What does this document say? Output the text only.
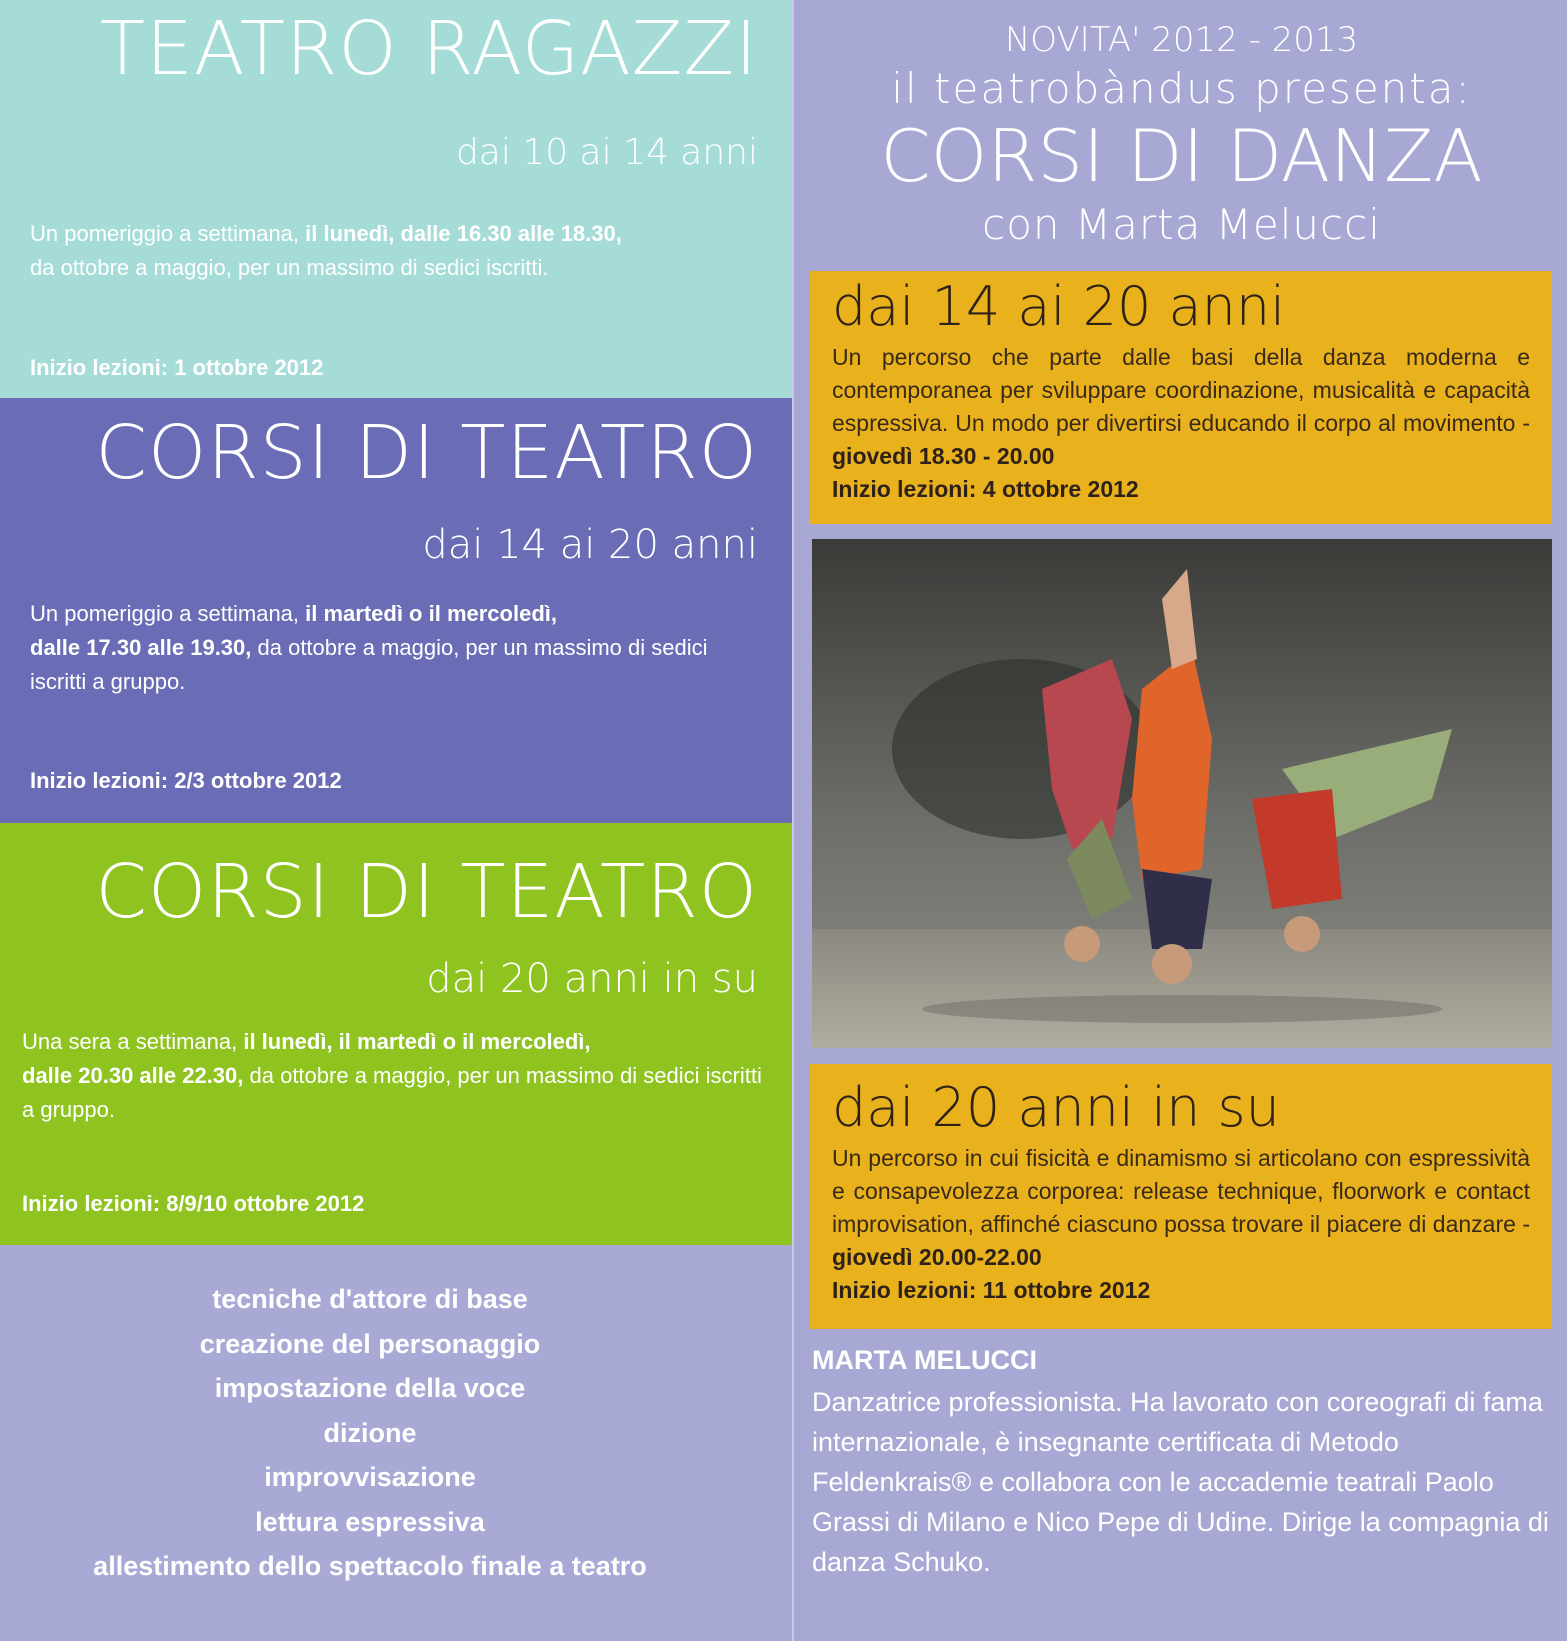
TEATRO RAGAZZI
dai 10 ai 14 anni

Un pomeriggio a settimana, il lunedì, dalle 16.30 alle 18.30,
da ottobre a maggio, per un massimo di sedici iscritti.

Inizio lezioni: 1 ottobre 2012

CORSI DI TEATRO
dai 14 ai 20 anni

Un pomeriggio a settimana, il martedì o il mercoledì,
dalle 17.30 alle 19.30, da ottobre a maggio, per un massimo di sedici iscritti a gruppo.

Inizio lezioni: 2/3 ottobre 2012

CORSI DI TEATRO
dai 20 anni in su

Una sera a settimana, il lunedì, il martedì o il mercoledì,
dalle 20.30 alle 22.30, da ottobre a maggio, per un massimo di sedici iscritti a gruppo.

Inizio lezioni: 8/9/10 ottobre 2012

tecniche d'attore di base
creazione del personaggio
impostazione della voce
dizione
improvvisazione
lettura espressiva
allestimento dello spettacolo finale a teatro

NOVITA' 2012 - 2013

il teatrobàndus presenta:

CORSI DI DANZA
con Marta Melucci
dai 14 ai 20 anni

Un percorso che parte dalle basi della danza moderna e contemporanea per sviluppare coordinazione, musicalità e capacità espressiva. Un modo per divertirsi educando il corpo al movimento - giovedì 18.30 - 20.00

Inizio lezioni: 4 ottobre 2012

dai 20 anni in su

Un percorso in cui fisicità e dinamismo si articolano con espressività e consapevolezza corporea: release technique, floorwork e contact improvisation, affinché ciascuno possa trovare il piacere di danzare - giovedì 20.00-22.00

Inizio lezioni: 11 ottobre 2012

MARTA MELUCCI

Danzatrice professionista. Ha lavorato con coreografi di fama internazionale, è insegnante certificata di Metodo Feldenkrais® e collabora con le accademie teatrali Paolo Grassi di Milano e Nico Pepe di Udine. Dirige la compagnia di danza Schuko.
